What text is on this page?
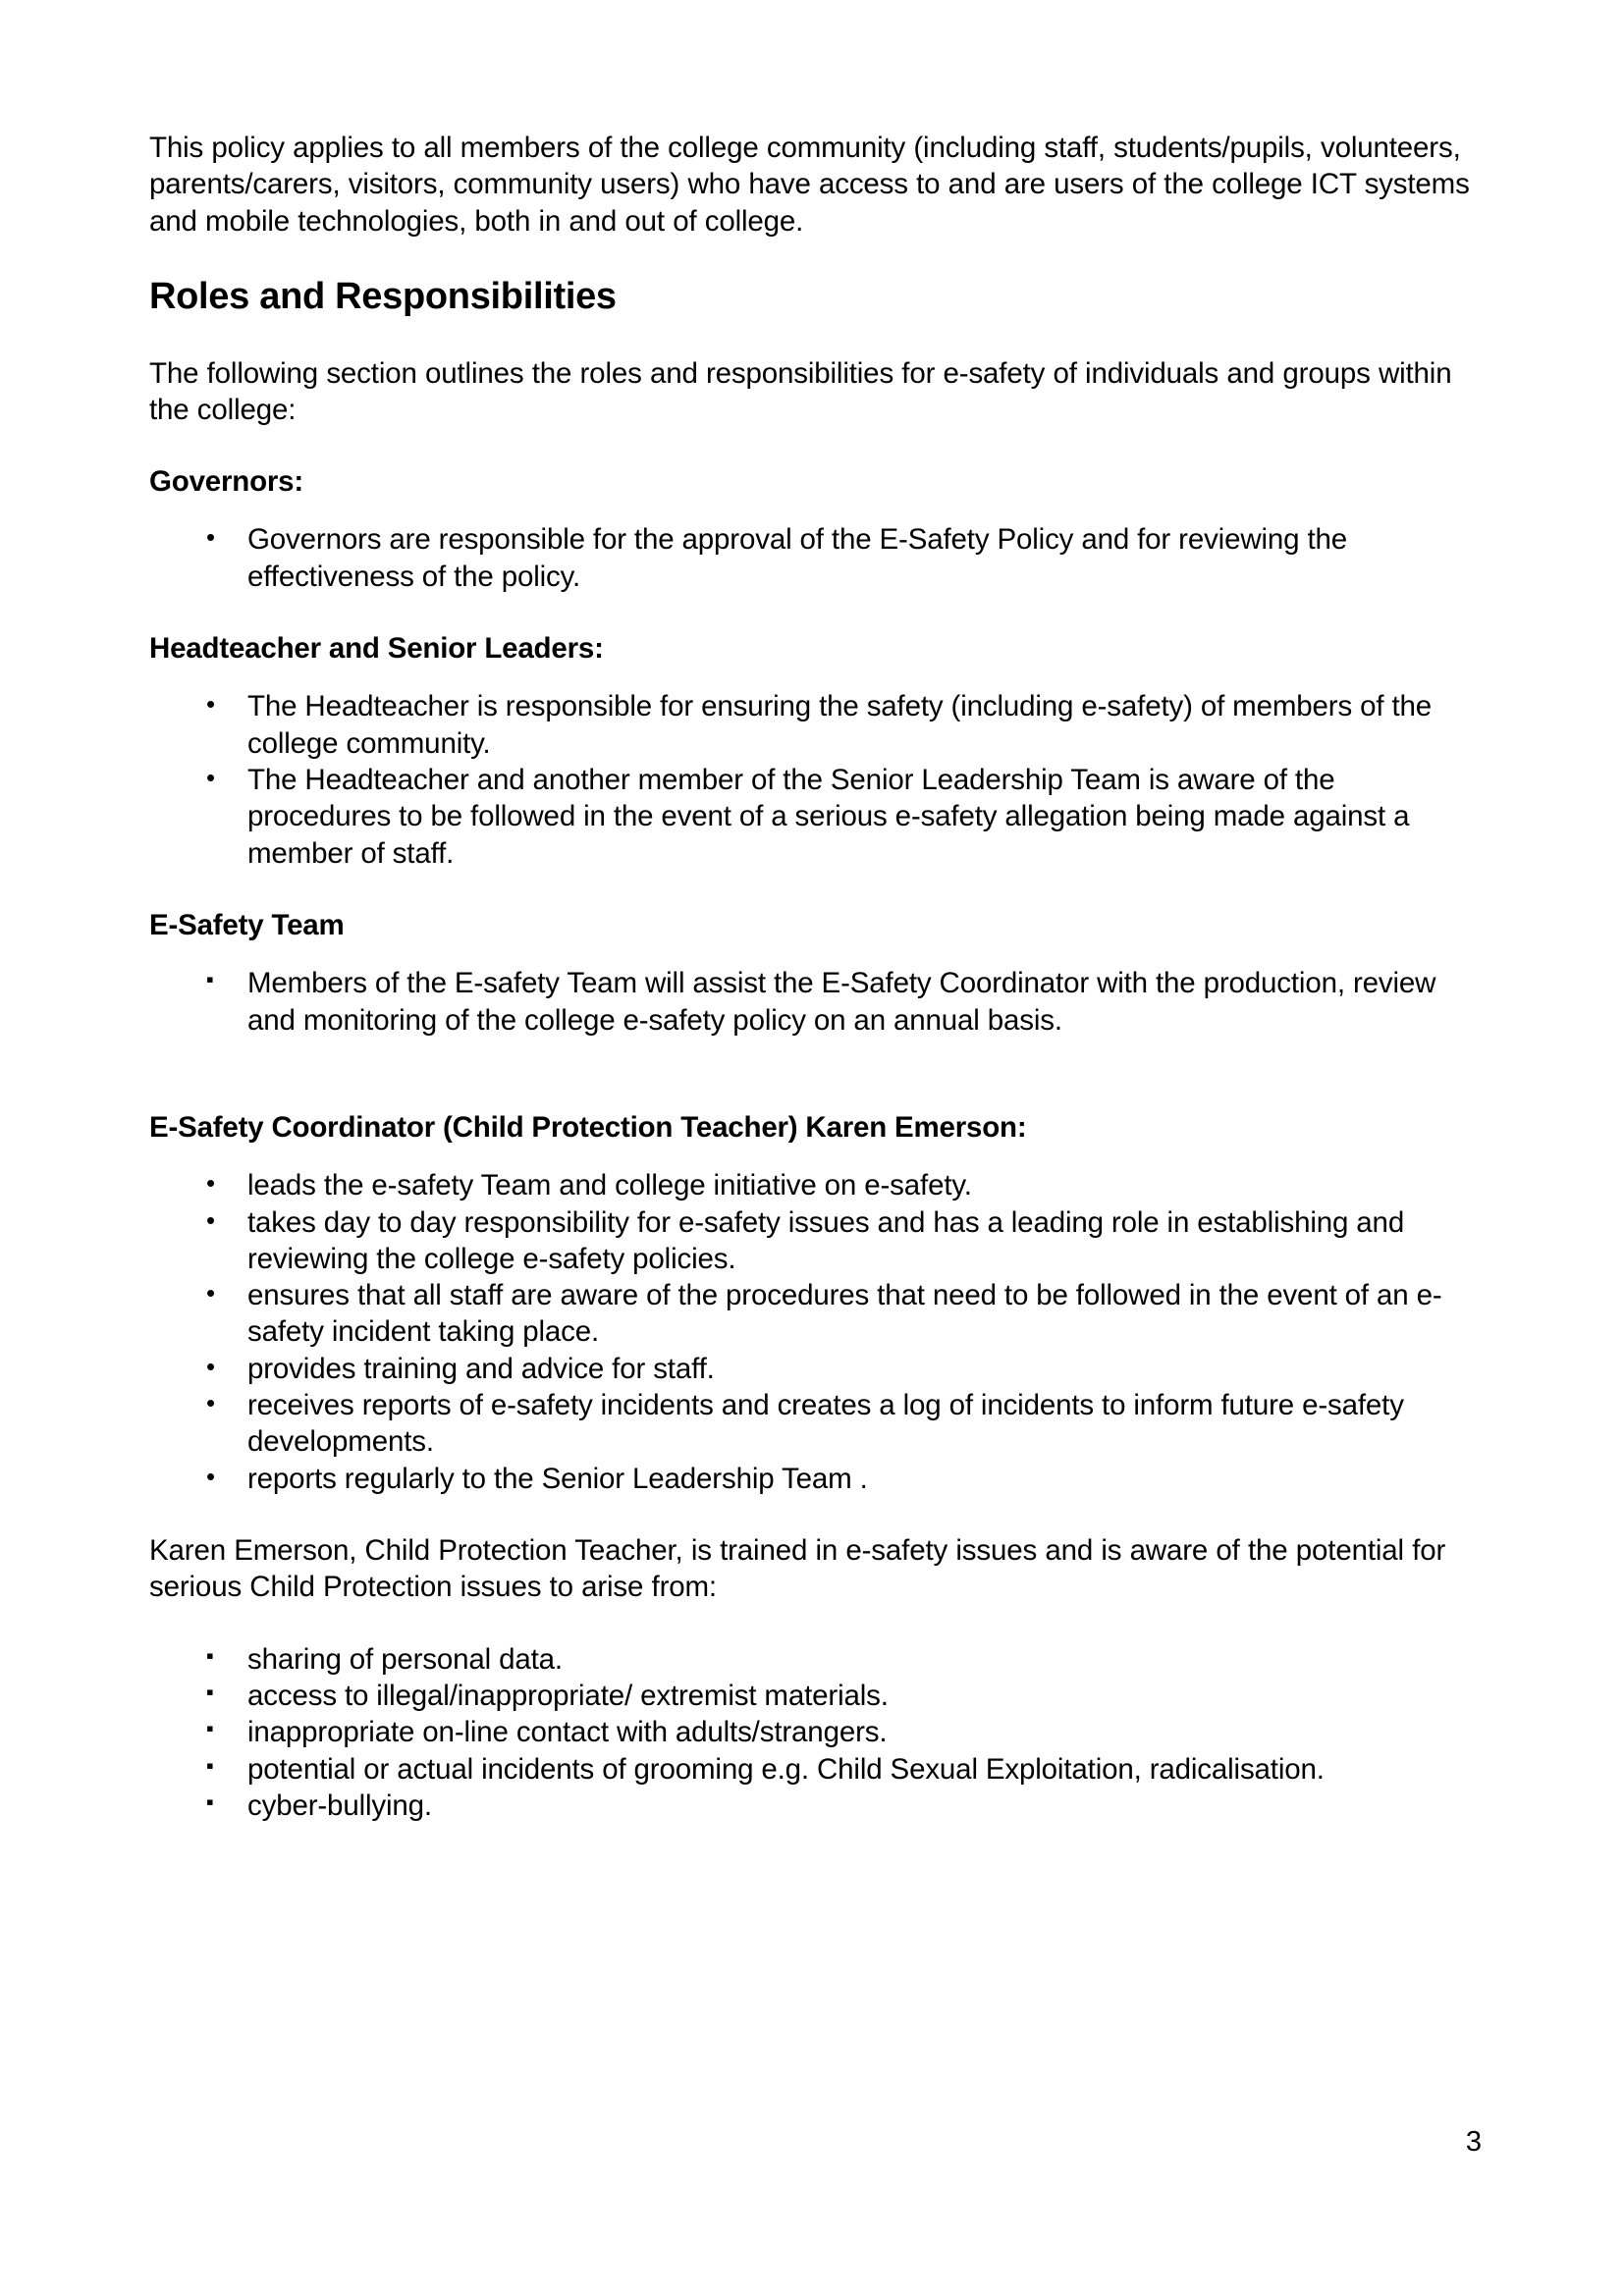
This policy applies to all members of the college community (including staff, students/pupils, volunteers, parents/carers, visitors, community users) who have access to and are users of the college ICT systems and mobile technologies, both in and out of college.

Roles and Responsibilities

The following section outlines the roles and responsibilities for e-safety of individuals and groups within the college:

Governors:
• Governors are responsible for the approval of the E-Safety Policy and for reviewing the effectiveness of the policy.
Headteacher and Senior Leaders:
• The Headteacher is responsible for ensuring the safety (including e-safety) of members of the college community.
• The Headteacher and another member of the Senior Leadership Team is aware of the procedures to be followed in the event of a serious e-safety allegation being made against a member of staff.
E-Safety Team
▪ Members of the E-safety Team will assist the E-Safety Coordinator with the production, review and monitoring of the college e-safety policy on an annual basis.
E-Safety Coordinator (Child Protection Teacher) Karen Emerson:
• leads the e-safety Team and college initiative on e-safety.
• takes day to day responsibility for e-safety issues and has a leading role in establishing and reviewing the college e-safety policies.
• ensures that all staff are aware of the procedures that need to be followed in the event of an e-safety incident taking place.
• provides training and advice for staff.
• receives reports of e-safety incidents and creates a log of incidents to inform future e-safety developments.
• reports regularly to the Senior Leadership Team .

Karen Emerson, Child Protection Teacher, is trained in e-safety issues and is aware of the potential for serious Child Protection issues to arise from:

▪ sharing of personal data.
▪ access to illegal/inappropriate/ extremist materials.
▪ inappropriate on-line contact with adults/strangers.
▪ potential or actual incidents of grooming e.g. Child Sexual Exploitation, radicalisation.
▪ cyber-bullying.
3
